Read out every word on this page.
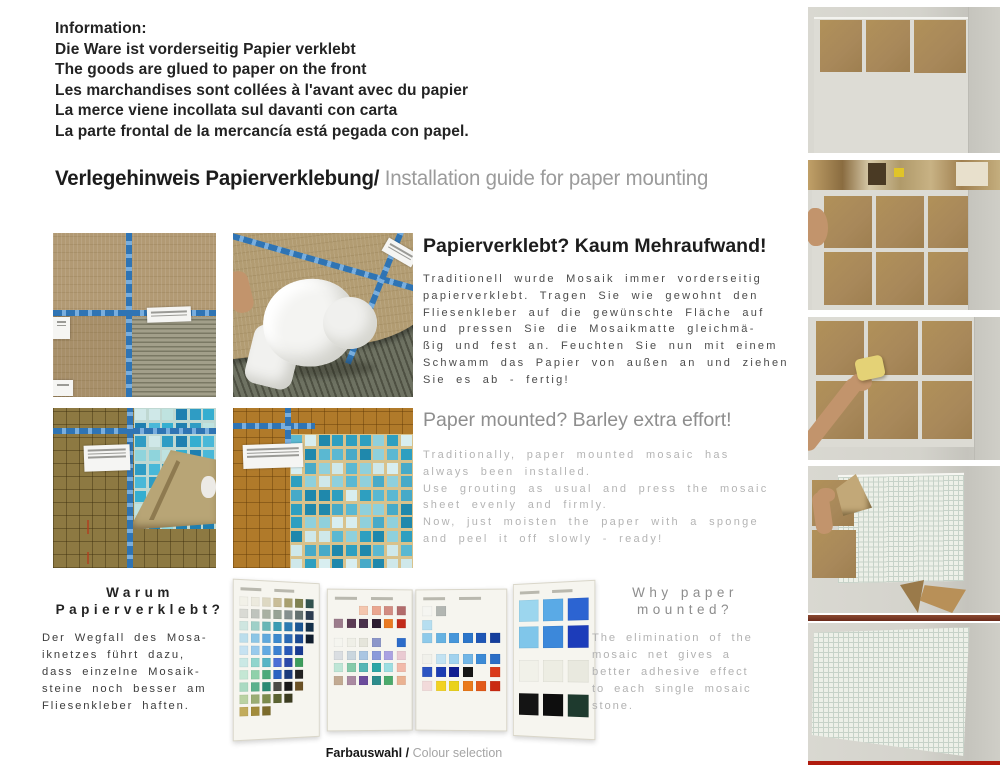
Information:
Die Ware ist vorderseitig Papier verklebt
The goods are glued to paper on the front
Les marchandises sont collées à l'avant avec du papier
La merce viene incollata sul davanti con carta
La parte frontal de la mercancía está pegada con papel.
Verlegehinweis Papierverklebung/ Installation guide for paper mounting
Papierverklebt? Kaum Mehraufwand!
Traditionell wurde Mosaik immer vorderseitig
papierverklebt. Tragen Sie wie gewohnt den
Fliesenkleber auf die gewünschte Fläche auf
und pressen Sie die Mosaikmatte gleichmä-
ßig und fest an. Feuchten Sie nun mit einem
Schwamm das Papier von außen an und ziehen
Sie es ab - fertig!
Paper mounted? Barley extra effort!
Traditionally, paper mounted mosaic has
always been installed.
Use grouting as usual and press the mosaic
sheet evenly and firmly.
Now, just moisten the paper with a sponge
and peel it off slowly - ready!
Warum
Papierverklebt?
Der Wegfall des Mosa-
iknetzes führt dazu,
dass einzelne Mosaik-
steine noch besser am
Fliesenkleber haften.
Why paper
mounted?
The elimination of the
mosaic net gives a
better adhesive effect
to each single mosaic
stone.
Farbauswahl / Colour selection
